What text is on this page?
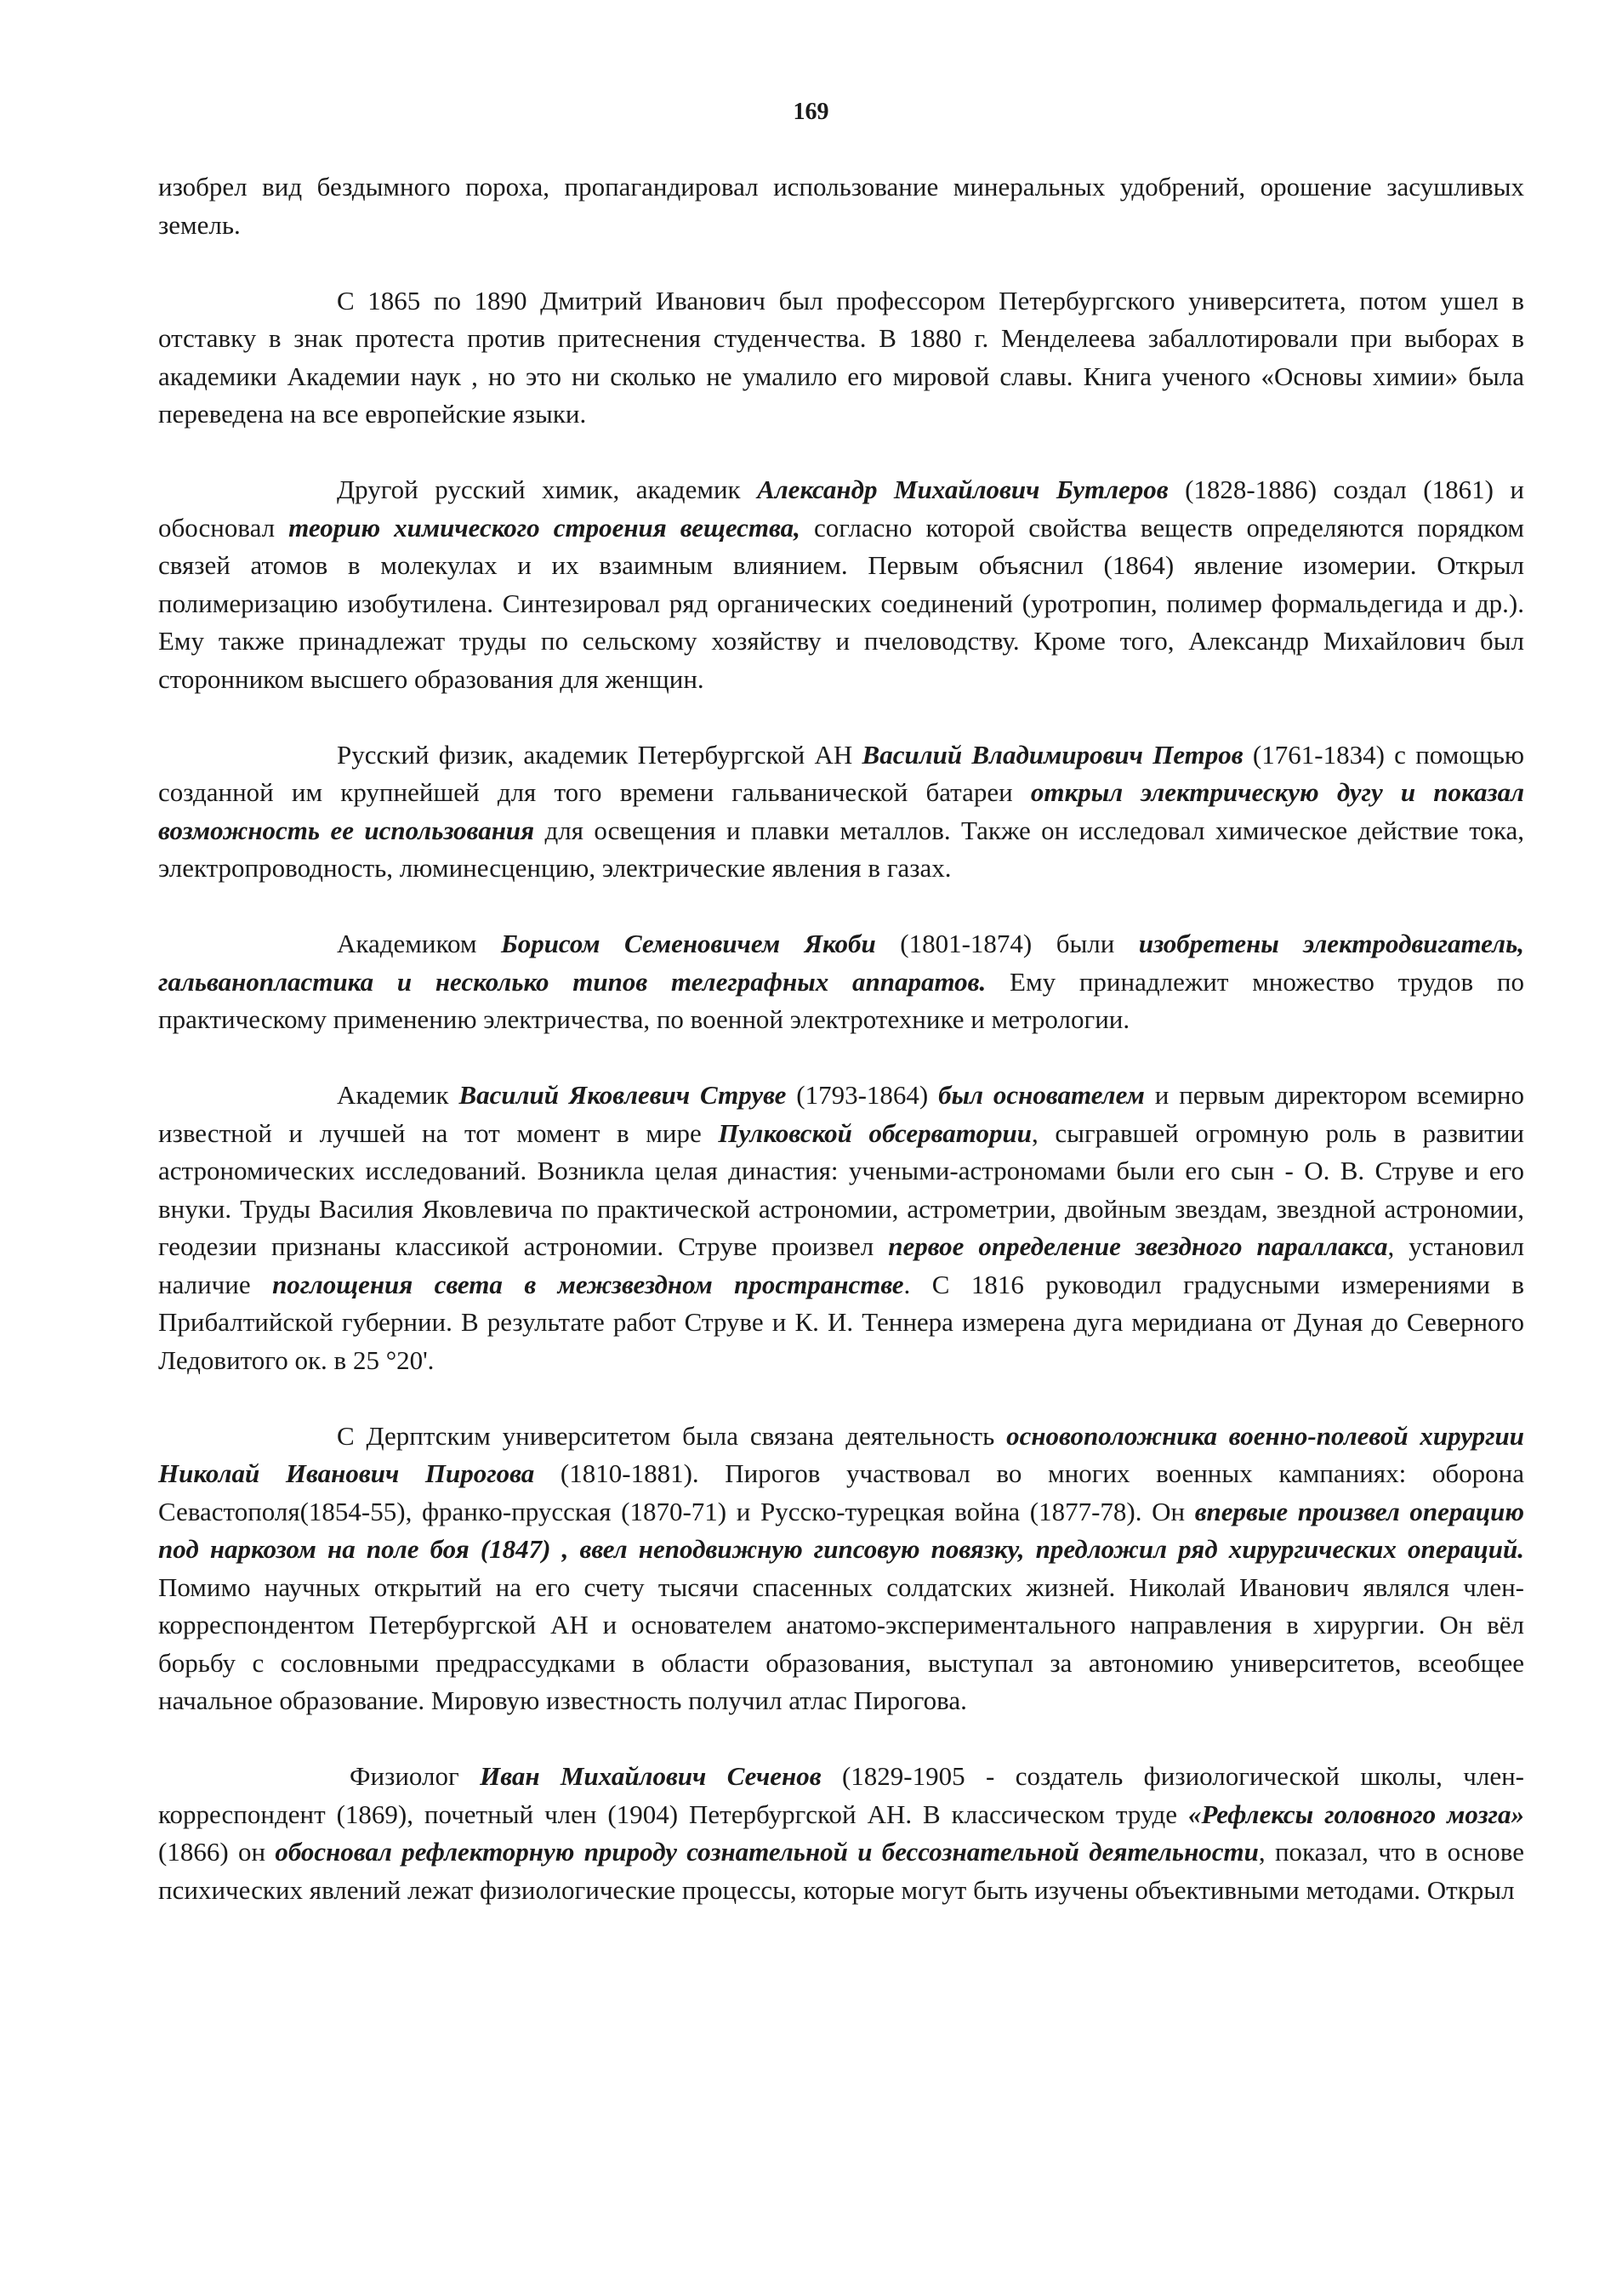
169

изобрел вид бездымного пороха, пропагандировал использование минеральных удобрений, орошение засушливых земель.

С 1865 по 1890 Дмитрий Иванович был профессором Петербургского университета, потом ушел в отставку в знак протеста против притеснения студенчества. В 1880 г. Менделеева забаллотировали при выборах в академики Академии наук , но это ни сколько не умалило его мировой славы. Книга ученого «Основы химии» была переведена на все европейские языки.

Другой русский химик, академик Александр Михайлович Бутлеров (1828-1886) создал (1861) и обосновал теорию химического строения вещества, согласно которой свойства веществ определяются порядком связей атомов в молекулах и их взаимным влиянием. Первым объяснил (1864) явление изомерии. Открыл полимеризацию изобутилена. Синтезировал ряд органических соединений (уротропин, полимер формальдегида и др.). Ему также принадлежат труды по сельскому хозяйству и пчеловодству. Кроме того, Александр Михайлович был сторонником высшего образования для женщин.

Русский физик, академик Петербургской АН Василий Владимирович Петров (1761-1834) с помощью созданной им крупнейшей для того времени гальванической батареи открыл электрическую дугу и показал возможность ее использования для освещения и плавки металлов. Также он исследовал химическое действие тока, электропроводность, люминесценцию, электрические явления в газах.

Академиком Борисом Семеновичем Якоби (1801-1874) были изобретены электродвигатель, гальванопластика и несколько типов телеграфных аппаратов. Ему принадлежит множество трудов по практическому применению электричества, по военной электротехнике и метрологии.

Академик Василий Яковлевич Струве (1793-1864) был основателем и первым директором всемирно известной и лучшей на тот момент в мире Пулковской обсерватории, сыгравшей огромную роль в развитии астрономических исследований. Возникла целая династия: учеными-астрономами были его сын - О. В. Струве и его внуки. Труды Василия Яковлевича по практической астрономии, астрометрии, двойным звездам, звездной астрономии, геодезии признаны классикой астрономии. Струве произвел первое определение звездного параллакса, установил наличие поглощения света в межзвездном пространстве. С 1816 руководил градусными измерениями в Прибалтийской губернии. В результате работ Струве и К. И. Теннера измерена дуга меридиана от Дуная до Северного Ледовитого ок. в 25 °20'.

С Дерптским университетом была связана деятельность основоположника военно-полевой хирургии Николай Иванович Пирогова (1810-1881). Пирогов участвовал во многих военных кампаниях: оборона Севастополя(1854-55), франко-прусская (1870-71) и Русско-турецкая война (1877-78). Он впервые произвел операцию под наркозом на поле боя (1847) , ввел неподвижную гипсовую повязку, предложил ряд хирургических операций. Помимо научных открытий на его счету тысячи спасенных солдатских жизней. Николай Иванович являлся член-корреспондентом Петербургской АН и основателем анатомо-экспериментального направления в хирургии. Он вёл борьбу с сословными предрассудками в области образования, выступал за автономию университетов, всеобщее начальное образование. Мировую известность получил атлас Пирогова.

Физиолог Иван Михайлович Сеченов (1829-1905 - создатель физиологической школы, член-корреспондент (1869), почетный член (1904) Петербургской АН. В классическом труде «Рефлексы головного мозга» (1866) он обосновал рефлекторную природу сознательной и бессознательной деятельности, показал, что в основе психических явлений лежат физиологические процессы, которые могут быть изучены объективными методами. Открыл
